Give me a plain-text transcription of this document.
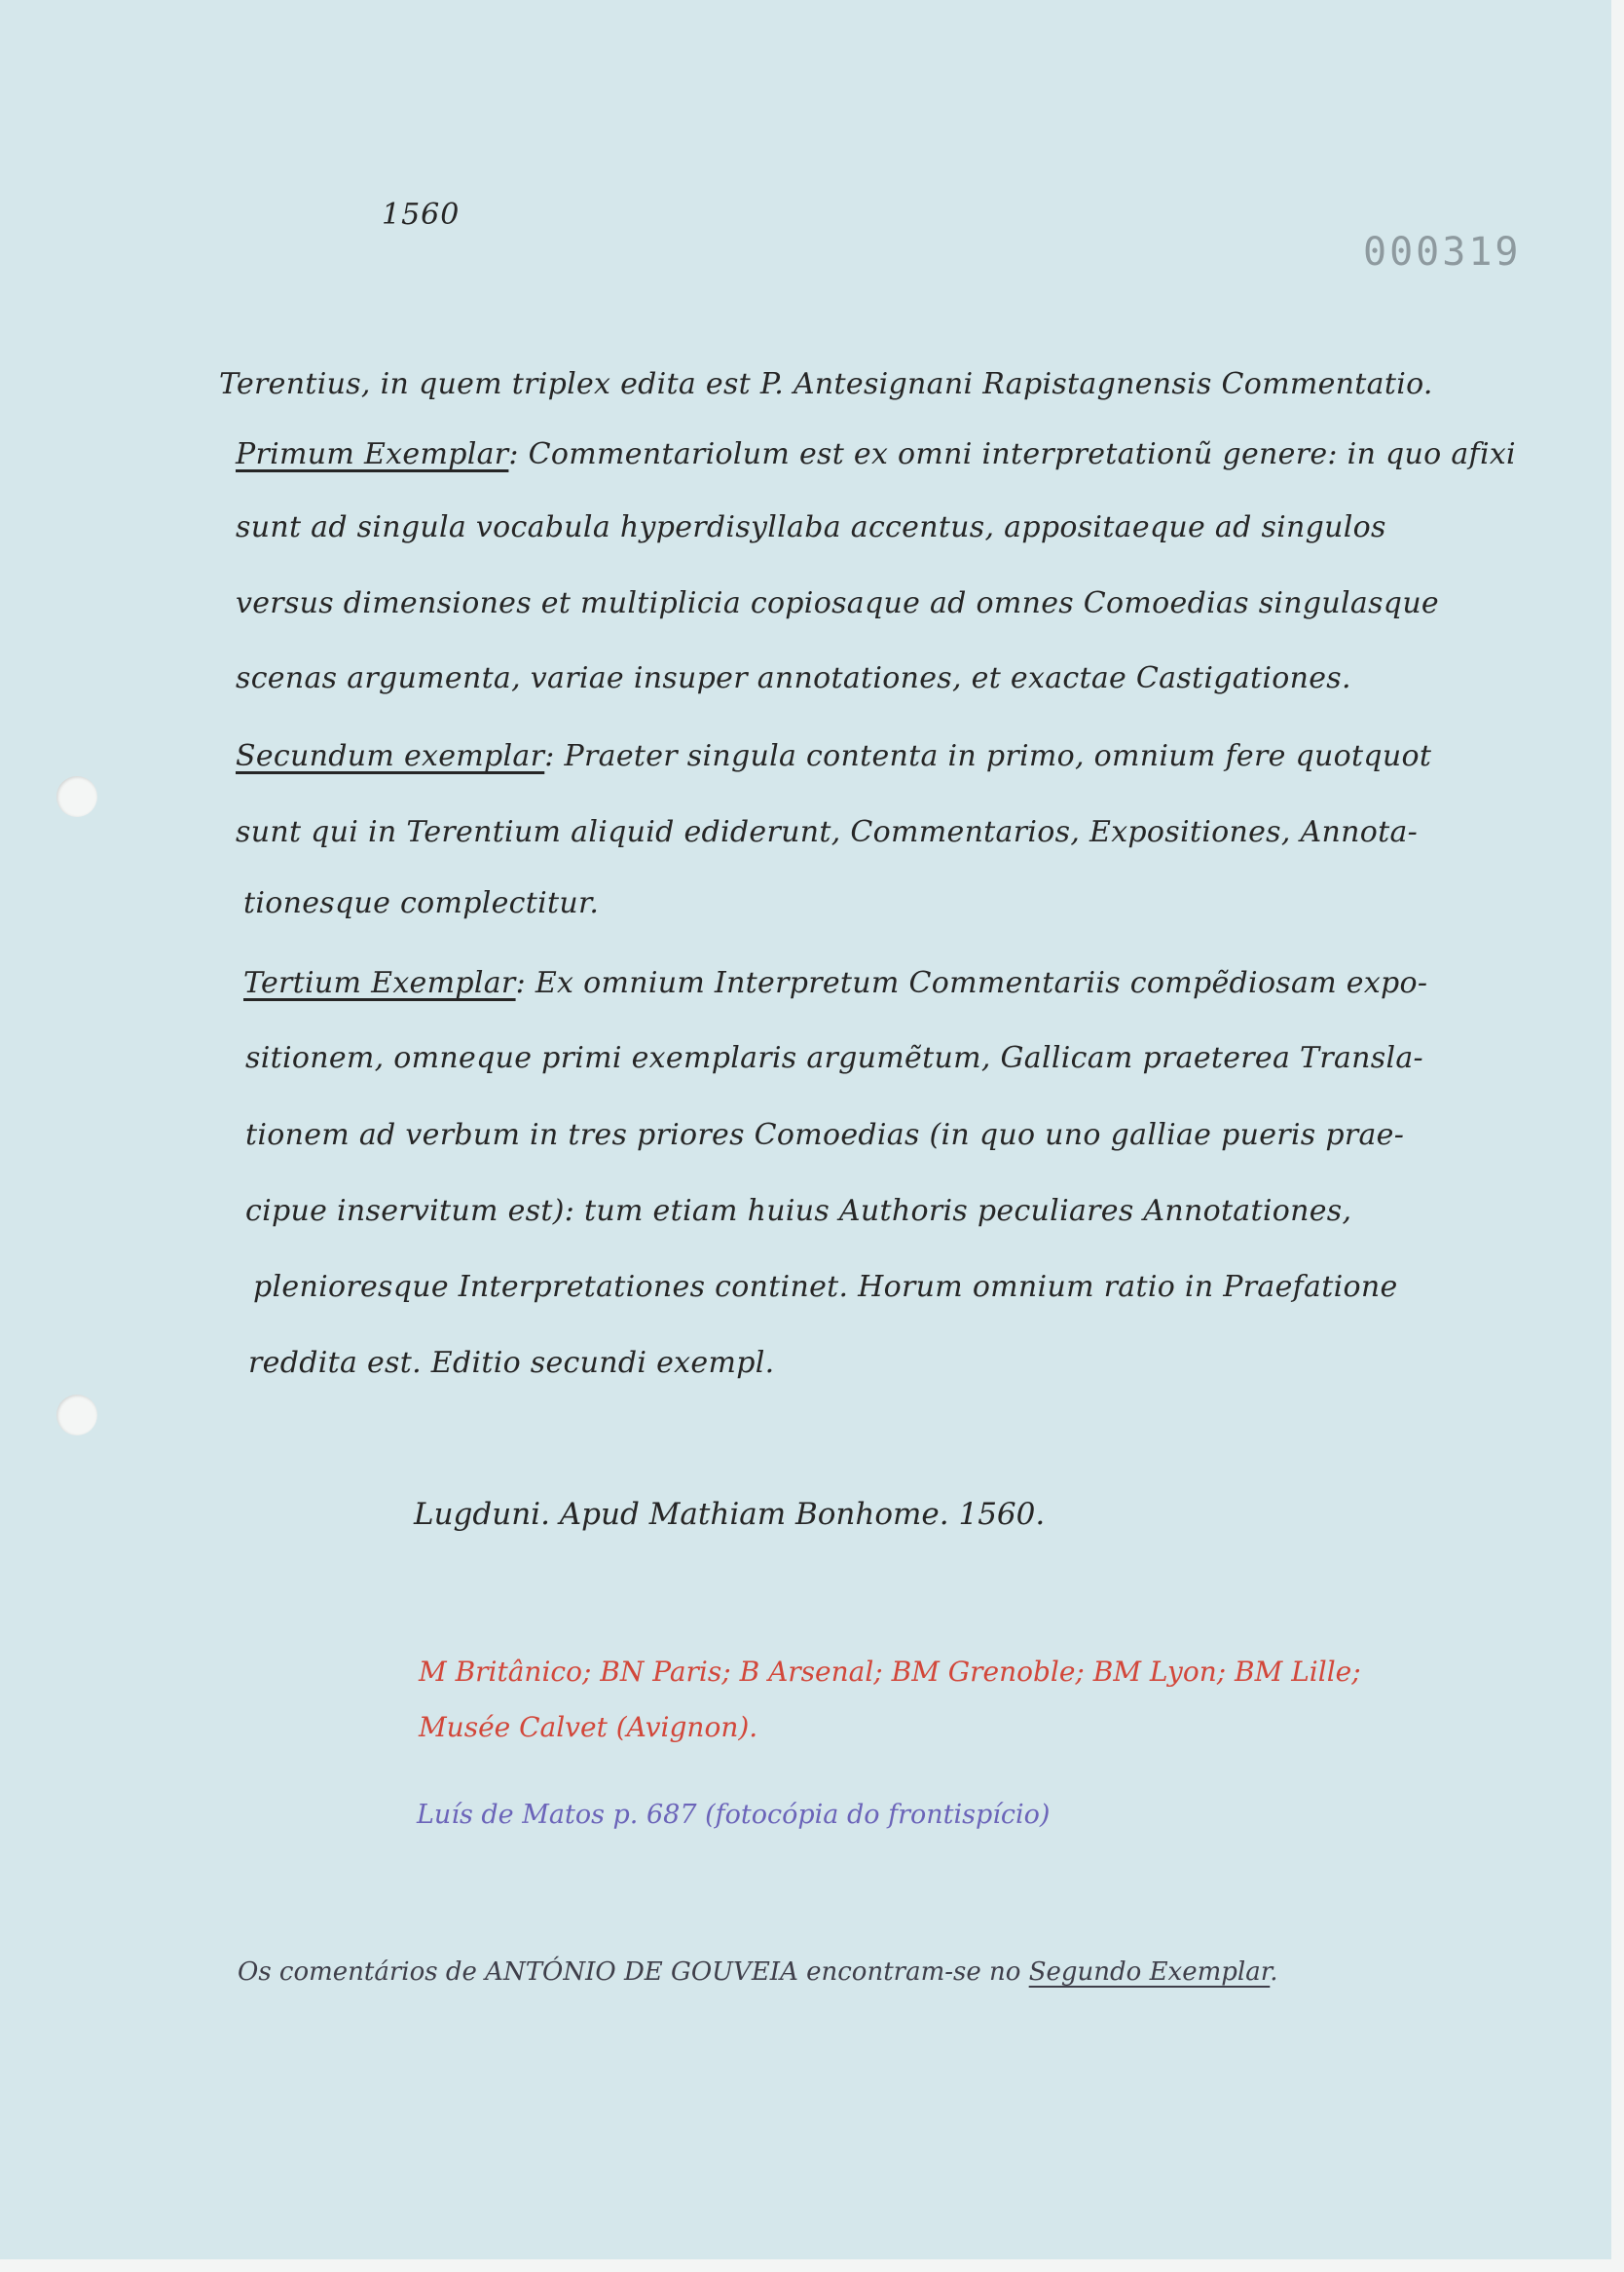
1560
000319
Terentius, in quem triplex edita est P. Antesignani Rapistagnensis Commentatio.
Primum Exemplar: Commentariolum est ex omni interpretationũ genere: in quo afixi
sunt ad singula vocabula hyperdisyllaba accentus, appositaeque ad singulos
versus dimensiones et multiplicia copiosaque ad omnes Comoedias singulasque
scenas argumenta, variae insuper annotationes, et exactae Castigationes.
Secundum exemplar: Praeter singula contenta in primo, omnium fere quotquot
sunt qui in Terentium aliquid ediderunt, Commentarios, Expositiones, Annota-
tionesque complectitur.
Tertium Exemplar: Ex omnium Interpretum Commentariis compẽdiosam expo-
sitionem, omneque primi exemplaris argumẽtum, Gallicam praeterea Transla-
tionem ad verbum in tres priores Comoedias (in quo uno galliae pueris prae-
cipue inservitum est): tum etiam huius Authoris peculiares Annotationes,
plenioresque Interpretationes continet. Horum omnium ratio in Praefatione
reddita est. Editio secundi exempl.
Lugduni. Apud Mathiam Bonhome. 1560.
M Britânico; BN Paris; B Arsenal; BM Grenoble; BM Lyon; BM Lille;
Musée Calvet (Avignon).
Luís de Matos p. 687 (fotocópia do frontispício)
Os comentários de ANTÓNIO DE GOUVEIA encontram-se no Segundo Exemplar.
